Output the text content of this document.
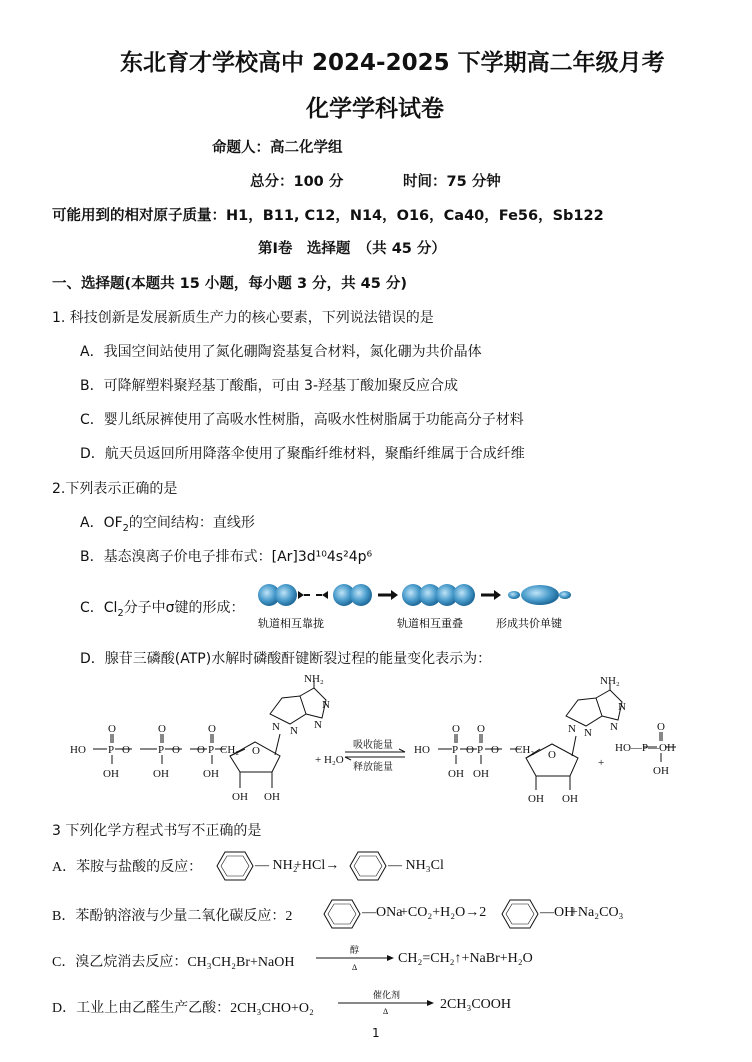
东北育才学校高中 2024-2025 下学期高二年级月考
化学学科试卷
命题人：高二化学组
总分：100 分	时间：75 分钟
可能用到的相对原子质量：H1，B11, C12，N14，O16，Ca40，Fe56，Sb122
第Ⅰ卷　选择题　（共 45 分）
一、选择题(本题共 15 小题，每小题 3 分，共 45 分)
1. 科技创新是发展新质生产力的核心要素，下列说法错误的是
A．我国空间站使用了氮化硼陶瓷基复合材料，氮化硼为共价晶体
B．可降解塑料聚羟基丁酸酯，可由 3-羟基丁酸加聚反应合成
C．婴儿纸尿裤使用了高吸水性树脂，高吸水性树脂属于功能高分子材料
D．航天员返回所用降落伞使用了聚酯纤维材料，聚酯纤维属于合成纤维
2.下列表示正确的是
A．$OF_2$的空间结构：直线形
B．基态溴离子价电子排布式：[Ar]3d¹⁰4s²4p⁶
C．$Cl_2$分子中σ键的形成：
轨道相互靠拢	轨道相互重叠	形成共价单键
D．腺苷三磷酸(ATP)水解时磷酸酐键断裂过程的能量变化表示为：
HO P O	P O	P
O CH₂
O	O	O
OH	OH	OH
O
OH OH
NH₂
N N
N
N
+ H₂O
吸收能量
释放能量
HO P O P O CH₂
O O
OH OH
O
OH OH
NH₂
N N
N
N
+
HO—P—OH
O
OH
3 下列化学方程式书写不正确的是
A．苯胺与盐酸的反应：	— NH₂
+HCl→	— NH₃Cl
B．苯酚钠溶液与少量二氧化碳反应：2	—ONa
+CO₂+H₂O→2	—OH
+Na₂CO₃
C．溴乙烷消去反应：CH₃CH₂Br+NaOH
醇
Δ
CH₂=CH₂↑+NaBr+H₂O
D．工业上由乙醛生产乙酸：2CH₃CHO+O₂
催化剂
Δ	2CH₃COOH
1
